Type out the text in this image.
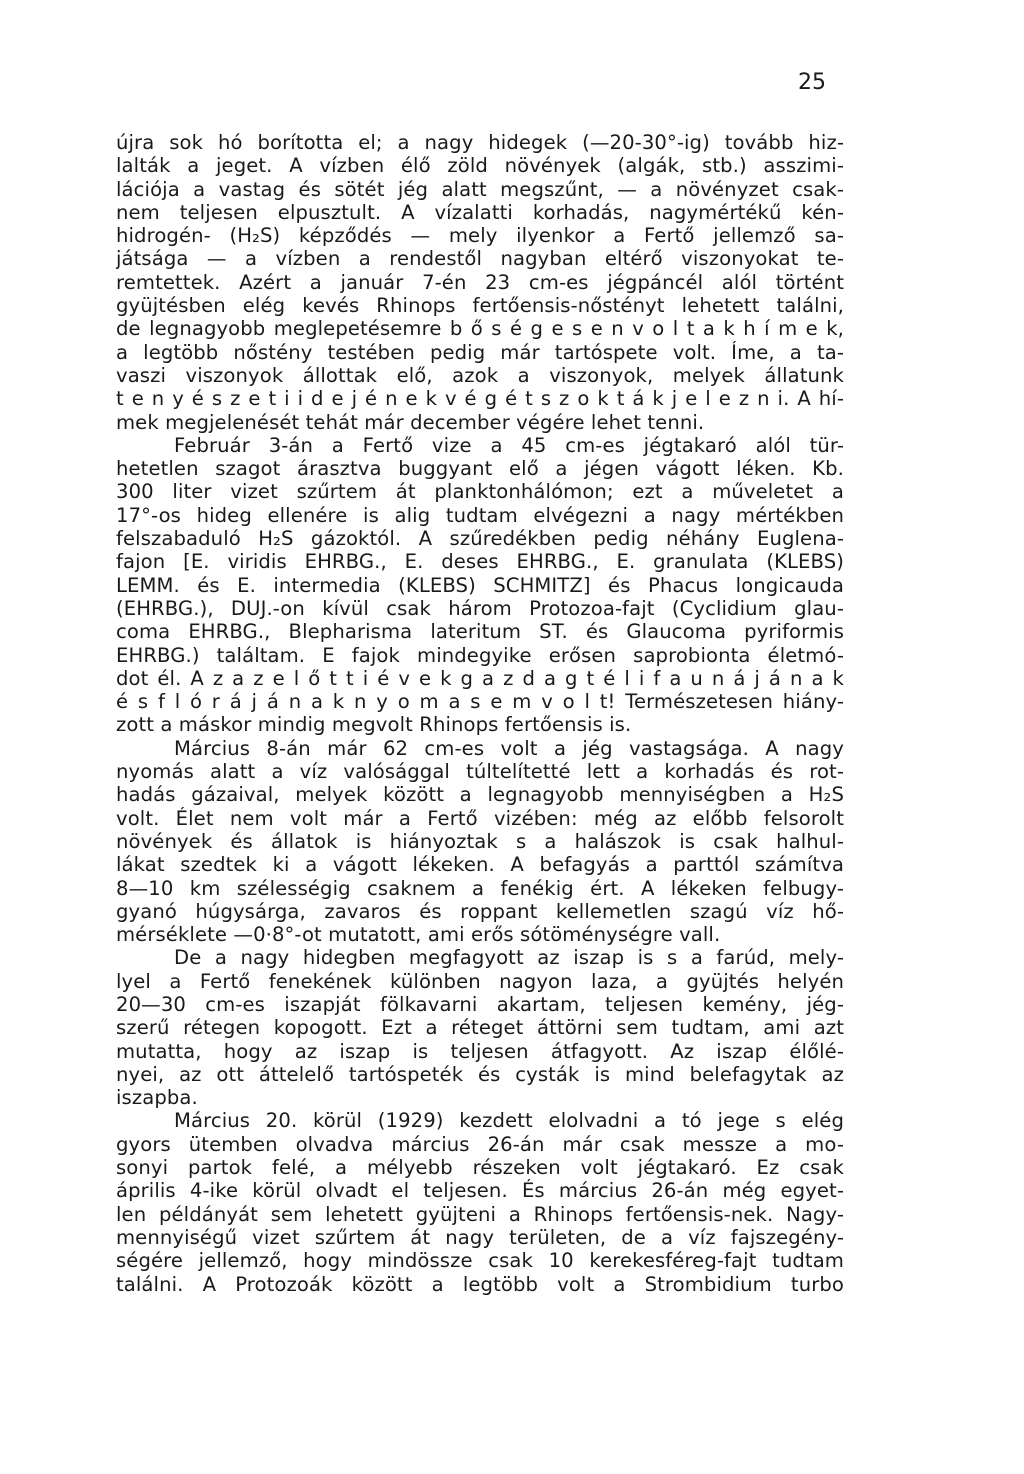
25
újra sok hó borította el; a nagy hidegek (—20-30°-ig) tovább hiz-
lalták a jeget. A vízben élő zöld növények (algák, stb.) asszimi-
lációja a vastag és sötét jég alatt megszűnt, — a növényzet csak-
nem teljesen elpusztult. A vízalatti korhadás, nagymértékű kén-
hidrogén- (H₂S) képződés — mely ilyenkor a Fertő jellemző sa-
játsága — a vízben a rendestől nagyban eltérő viszonyokat te-
remtettek. Azért a január 7-én 23 cm-es jégpáncél alól történt
gyüjtésben elég kevés Rhinops fertőensis-nőstényt lehetett találni,
de legnagyobb meglepetésemre b ő s é g e s e n v o l t a k h í m e k,
a legtöbb nőstény testében pedig már tartóspete volt. Íme, a ta-
vaszi viszonyok állottak elő, azok a viszonyok, melyek állatunk
t e n y é s z e t i i d e j é n e k v é g é t s z o k t á k j e l e z n i. A hí-
mek megjelenését tehát már december végére lehet tenni.
Február 3-án a Fertő vize a 45 cm-es jégtakaró alól tür-
hetetlen szagot árasztva buggyant elő a jégen vágott léken. Kb.
300 liter vizet szűrtem át planktonhálómon; ezt a műveletet a
17°-os hideg ellenére is alig tudtam elvégezni a nagy mértékben
felszabaduló H₂S gázoktól. A szűredékben pedig néhány Euglena-
fajon [E. viridis EHRBG., E. deses EHRBG., E. granulata (KLEBS)
LEMM. és E. intermedia (KLEBS) SCHMITZ] és Phacus longicauda
(EHRBG.), DUJ.-on kívül csak három Protozoa-fajt (Cyclidium glau-
coma EHRBG., Blepharisma lateritum ST. és Glaucoma pyriformis
EHRBG.) találtam. E fajok mindegyike erősen saprobionta életmó-
dot él. A z a z e l ő t t i é v e k g a z d a g t é l i f a u n á j á n a k
é s f l ó r á j á n a k n y o m a s e m v o l t! Természetesen hiány-
zott a máskor mindig megvolt Rhinops fertőensis is.
Március 8-án már 62 cm-es volt a jég vastagsága. A nagy
nyomás alatt a víz valósággal túltelítetté lett a korhadás és rot-
hadás gázaival, melyek között a legnagyobb mennyiségben a H₂S
volt. Élet nem volt már a Fertő vizében: még az előbb felsorolt
növények és állatok is hiányoztak s a halászok is csak halhul-
lákat szedtek ki a vágott lékeken. A befagyás a parttól számítva
8—10 km szélességig csaknem a fenékig ért. A lékeken felbugy-
gyanó húgysárga, zavaros és roppant kellemetlen szagú víz hő-
mérséklete —0·8°-ot mutatott, ami erős sótöménységre vall.
De a nagy hidegben megfagyott az iszap is s a farúd, mely-
lyel a Fertő fenekének különben nagyon laza, a gyüjtés helyén
20—30 cm-es iszapját fölkavarni akartam, teljesen kemény, jég-
szerű rétegen kopogott. Ezt a réteget áttörni sem tudtam, ami azt
mutatta, hogy az iszap is teljesen átfagyott. Az iszap élőlé-
nyei, az ott áttelelő tartóspeték és cysták is mind belefagytak az
iszapba.
Március 20. körül (1929) kezdett elolvadni a tó jege s elég
gyors ütemben olvadva március 26-án már csak messze a mo-
sonyi partok felé, a mélyebb részeken volt jégtakaró. Ez csak
április 4-ike körül olvadt el teljesen. És március 26-án még egyet-
len példányát sem lehetett gyüjteni a Rhinops fertőensis-nek. Nagy-
mennyiségű vizet szűrtem át nagy területen, de a víz fajszegény-
ségére jellemző, hogy mindössze csak 10 kerekesféreg-fajt tudtam
találni. A Protozoák között a legtöbb volt a Strombidium turbo
